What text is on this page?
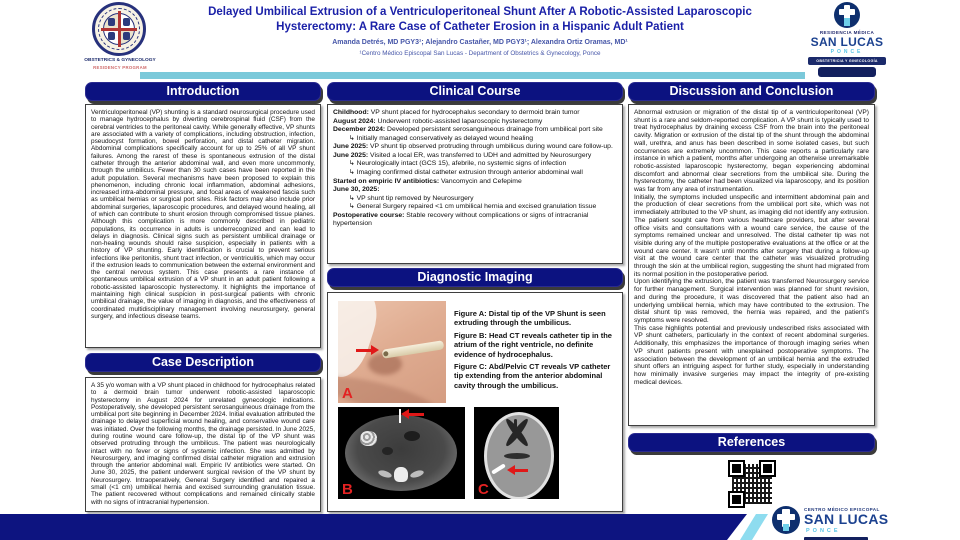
OBSTETRICS & GYNECOLOGY
RESIDENCY PROGRAM
Delayed Umbilical Extrusion of a Ventriculoperitoneal Shunt After A Robotic-Assisted Laparoscopic
Hysterectomy: A Rare Case of Catheter Erosion in a Hispanic Adult Patient
Amanda Detrés, MD PGY3¹; Alejandro Castañer, MD PGY3¹; Alexandra Ortiz Oramas, MD¹
¹Centro Médico Episcopal San Lucas - Department of Obstetrics & Gynecology, Ponce
RESIDENCIA MÉDICA
SAN LUCAS
PONCE
OBSTETRICIA Y GINECOLOGÍA
Introduction
Ventriculoperitoneal (VP) shunting is a standard neurosurgical procedure used to manage hydrocephalus by diverting cerebrospinal fluid (CSF) from the cerebral ventricles to the peritoneal cavity. While generally effective, VP shunts are associated with a variety of complications, including obstruction, infection, pseudocyst formation, bowel perforation, and distal catheter migration. Abdominal complications specifically account for up to 25% of all VP shunt failures. Among the rarest of these is spontaneous extrusion of the distal catheter through the anterior abdominal wall, and even more uncommonly, through the umbilicus. Fewer than 30 such cases have been reported in the adult population. Several mechanisms have been proposed to explain this phenomenon, including chronic local inflammation, abdominal adhesions, increased intra-abdominal pressure, and focal areas of weakened fascia such as umbilical hernias or surgical port sites. Risk factors may also include prior abdominal surgeries, laparoscopic procedures, and delayed wound healing, all of which can contribute to shunt erosion through compromised tissue planes. Although this complication is more commonly described in pediatric populations, its occurrence in adults is underrecognized and can lead to delays in diagnosis. Clinical signs such as persistent umbilical drainage or non-healing wounds should raise suspicion, especially in patients with a history of VP shunting. Early identification is crucial to prevent serious infections like peritonitis, shunt tract infection, or ventriculitis, which may occur if the extrusion leads to communication between the external environment and the central nervous system. This case presents a rare instance of spontaneous umbilical extrusion of a VP shunt in an adult patient following a robotic-assisted laparoscopic hysterectomy. It highlights the importance of maintaining high clinical suspicion in post-surgical patients with chronic umbilical drainage, the value of imaging in diagnosis, and the effectiveness of coordinated multidisciplinary management involving neurosurgery, general surgery, and infectious disease teams.
Case Description
A 35 y/o woman with a VP shunt placed in childhood for hydrocephalus related to a dermoid brain tumor underwent robotic-assisted laparoscopic hysterectomy in August 2024 for unrelated gynecologic indications. Postoperatively, she developed persistent serosanguineous drainage from the umbilical port site beginning in December 2024. Initial evaluation attributed the drainage to delayed superficial wound healing, and conservative wound care was initiated. Over the following months, the drainage persisted. In June 2025, during routine wound care follow-up, the distal tip of the VP shunt was observed protruding through the umbilicus. The patient was neurologically intact with no fever or signs of systemic infection. She was admitted by Neurosurgery, and imaging confirmed distal catheter migration and extrusion through the anterior abdominal wall. Empiric IV antibiotics were started. On June 30, 2025, the patient underwent surgical revision of the VP shunt by Neurosurgery. Intraoperatively, General Surgery identified and repaired a small (<1 cm) umbilical hernia and excised surrounding granulation tissue. The patient recovered without complications and remained clinically stable with no signs of intracranial hypertension.
Clinical Course
Childhood: VP shunt placed for hydrocephalus secondary to dermoid brain tumor
August 2024: Underwent robotic-assisted laparoscopic hysterectomy
December 2024: Developed persistent serosanguineous drainage from umbilical port site
↳ Initially managed conservatively as delayed wound healing
June 2025: VP shunt tip observed protruding through umbilicus during wound care follow-up.
June 2025: Visited a local ER, was transferred to UDH and admitted by Neurosurgery
↳ Neurologically intact (GCS 15), afebrile, no systemic signs of infection
↳ Imaging confirmed distal catheter extrusion through anterior abdominal wall
Started on empiric IV antibiotics: Vancomycin and Cefepime
June 30, 2025:
↳ VP shunt tip removed by Neurosurgery
↳ General Surgery repaired <1 cm umbilical hernia and excised granulation tissue
Postoperative course: Stable recovery without complications or signs of intracranial hypertension
Diagnostic Imaging
A

Figure A: Distal tip of the VP Shunt is seen extruding through the umbilicus.

Figure B: Head CT reveals catheter tip in the atrium of the right ventricle, no definite evidence of hydrocephalus.

Figure C: Abd/Pelvic CT reveals VP catheter tip extending from the anterior abdominal cavity through the umbilicus.

B	C
Discussion and Conclusion

Abnormal extrusion or migration of the distal tip of a ventriculoperitoneal (VP) shunt is a rare and seldom-reported complication. A VP shunt is typically used to treat hydrocephalus by draining excess CSF from the brain into the peritoneal cavity. Migration or extrusion of the distal tip of the shunt through the abdominal wall, urethra, and anus has been described in some isolated cases, but such occurrences are extremely uncommon. This case reports a particularly rare instance in which a patient, months after undergoing an otherwise unremarkable robotic-assisted laparoscopic hysterectomy, began experiencing abdominal discomfort and abnormal clear secretions from the umbilical site. During the hysterectomy, the catheter had been visualized via laparoscopy, and its position was far from any area of instrumentation.

Initially, the symptoms included unspecific and intermittent abdominal pain and the production of clear secretions from the umbilical port site, which was not immediately attributed to the VP shunt, as imaging did not identify any extrusion. The patient sought care from various healthcare providers, but after several office visits and consultations with a wound care service, the cause of the symptoms remained unclear and unresolved. The distal catheter tip was not visible during any of the multiple postoperative evaluations at the office or at the wound care center. It wasn't until months after surgery that during a follow-up visit at the wound care center that the catheter was visualized protruding through the skin at the umbilical region, suggesting the shunt had migrated from its normal position in the postoperative period.

Upon identifying the extrusion, the patient was transferred Neurosurgery service for further management. Surgical intervention was planned for shunt revision, and during the procedure, it was discovered that the patient also had an underlying umbilical hernia, which may have contributed to the extrusion. The distal shunt tip was removed, the hernia was repaired, and the patient's symptoms were resolved.

This case highlights potential and previously undescribed risks associated with VP shunt catheters, particularly in the context of recent abdominal surgeries. Additionally, this emphasizes the importance of thorough imaging series when VP shunt patients present with unexplained postoperative symptoms. The association between the development of an umbilical hernia and the extruded shunt offers an intriguing aspect for further study, especially in understanding how minimally invasive surgeries may impact the integrity of pre-existing medical devices.

References
CENTRO MÉDICO EPISCOPAL
SAN LUCAS
PONCE
